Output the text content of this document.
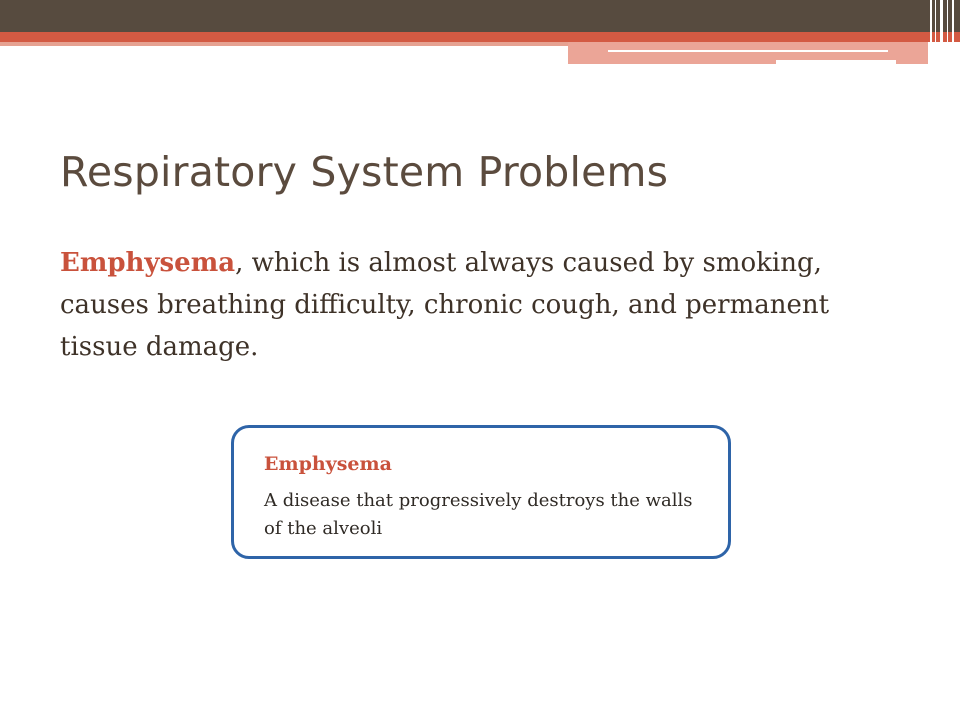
Respiratory System Problems

Emphysema, which is almost always caused by smoking, causes breathing difficulty, chronic cough, and permanent tissue damage.

Emphysema
A disease that progressively destroys the walls of the alveoli
